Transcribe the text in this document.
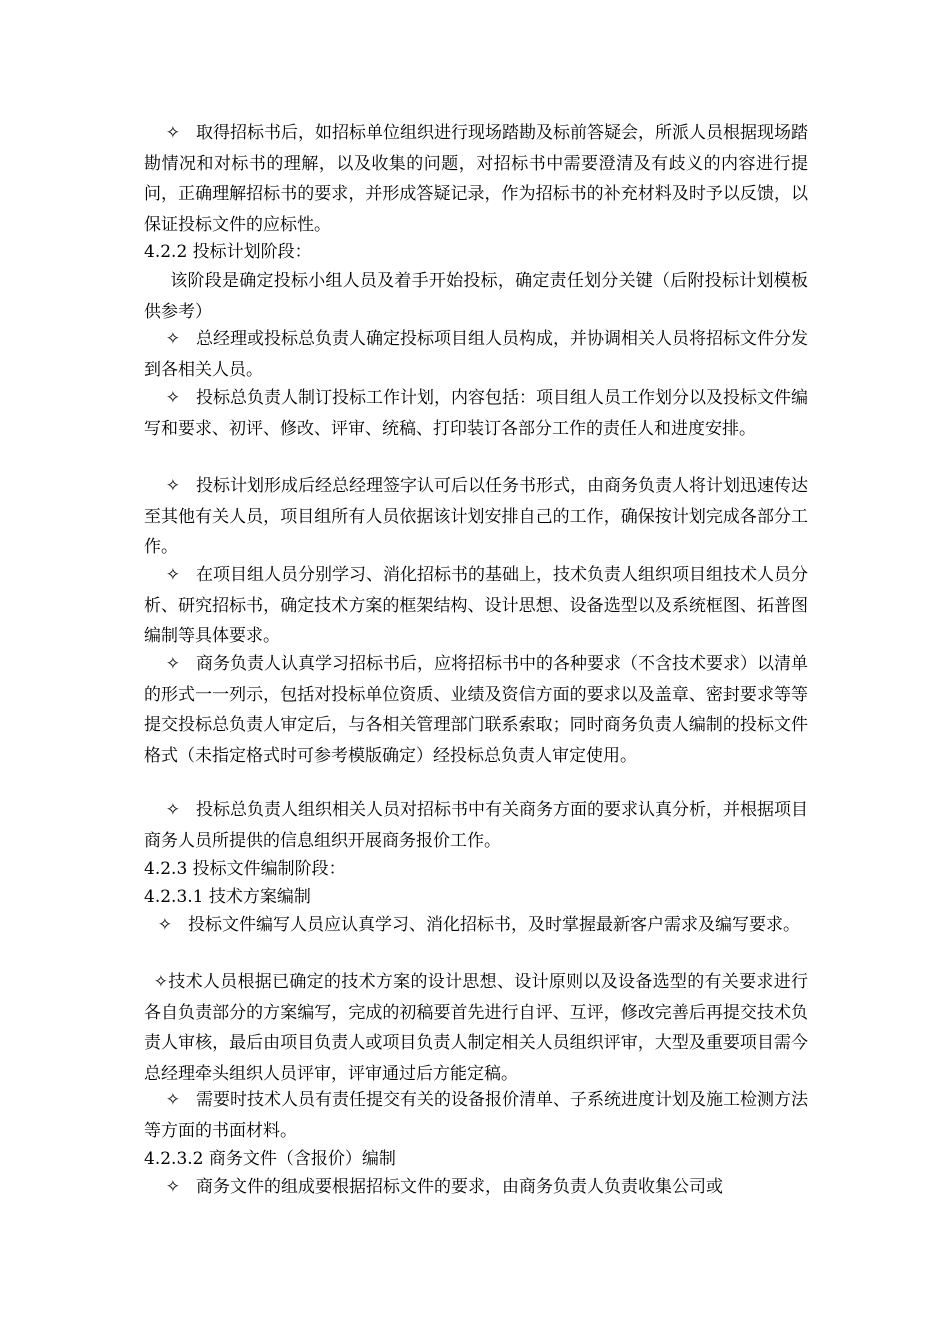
✧ 取得招标书后，如招标单位组织进行现场踏勘及标前答疑会，所派人员根据现场踏勘情况和对标书的理解，以及收集的问题，对招标书中需要澄清及有歧义的内容进行提问，正确理解招标书的要求，并形成答疑记录，作为招标书的补充材料及时予以反馈，以保证投标文件的应标性。
4.2.2 投标计划阶段：
该阶段是确定投标小组人员及着手开始投标，确定责任划分关键（后附投标计划模板供参考）
✧ 总经理或投标总负责人确定投标项目组人员构成，并协调相关人员将招标文件分发到各相关人员。
✧ 投标总负责人制订投标工作计划，内容包括：项目组人员工作划分以及投标文件编写和要求、初评、修改、评审、统稿、打印装订各部分工作的责任人和进度安排。
✧ 投标计划形成后经总经理签字认可后以任务书形式，由商务负责人将计划迅速传达至其他有关人员，项目组所有人员依据该计划安排自己的工作，确保按计划完成各部分工作。
✧ 在项目组人员分别学习、消化招标书的基础上，技术负责人组织项目组技术人员分析、研究招标书，确定技术方案的框架结构、设计思想、设备选型以及系统框图、拓普图编制等具体要求。
✧ 商务负责人认真学习招标书后，应将招标书中的各种要求（不含技术要求）以清单的形式一一列示，包括对投标单位资质、业绩及资信方面的要求以及盖章、密封要求等等提交投标总负责人审定后，与各相关管理部门联系索取；同时商务负责人编制的投标文件格式（未指定格式时可参考模版确定）经投标总负责人审定使用。
✧ 投标总负责人组织相关人员对招标书中有关商务方面的要求认真分析，并根据项目商务人员所提供的信息组织开展商务报价工作。
4.2.3 投标文件编制阶段：
4.2.3.1 技术方案编制
✧ 投标文件编写人员应认真学习、消化招标书，及时掌握最新客户需求及编写要求。
✧技术人员根据已确定的技术方案的设计思想、设计原则以及设备选型的有关要求进行各自负责部分的方案编写，完成的初稿要首先进行自评、互评，修改完善后再提交技术负责人审核，最后由项目负责人或项目负责人制定相关人员组织评审，大型及重要项目需今总经理牵头组织人员评审，评审通过后方能定稿。
✧ 需要时技术人员有责任提交有关的设备报价清单、子系统进度计划及施工检测方法等方面的书面材料。
4.2.3.2 商务文件（含报价）编制
✧ 商务文件的组成要根据招标文件的要求，由商务负责人负责收集公司或
